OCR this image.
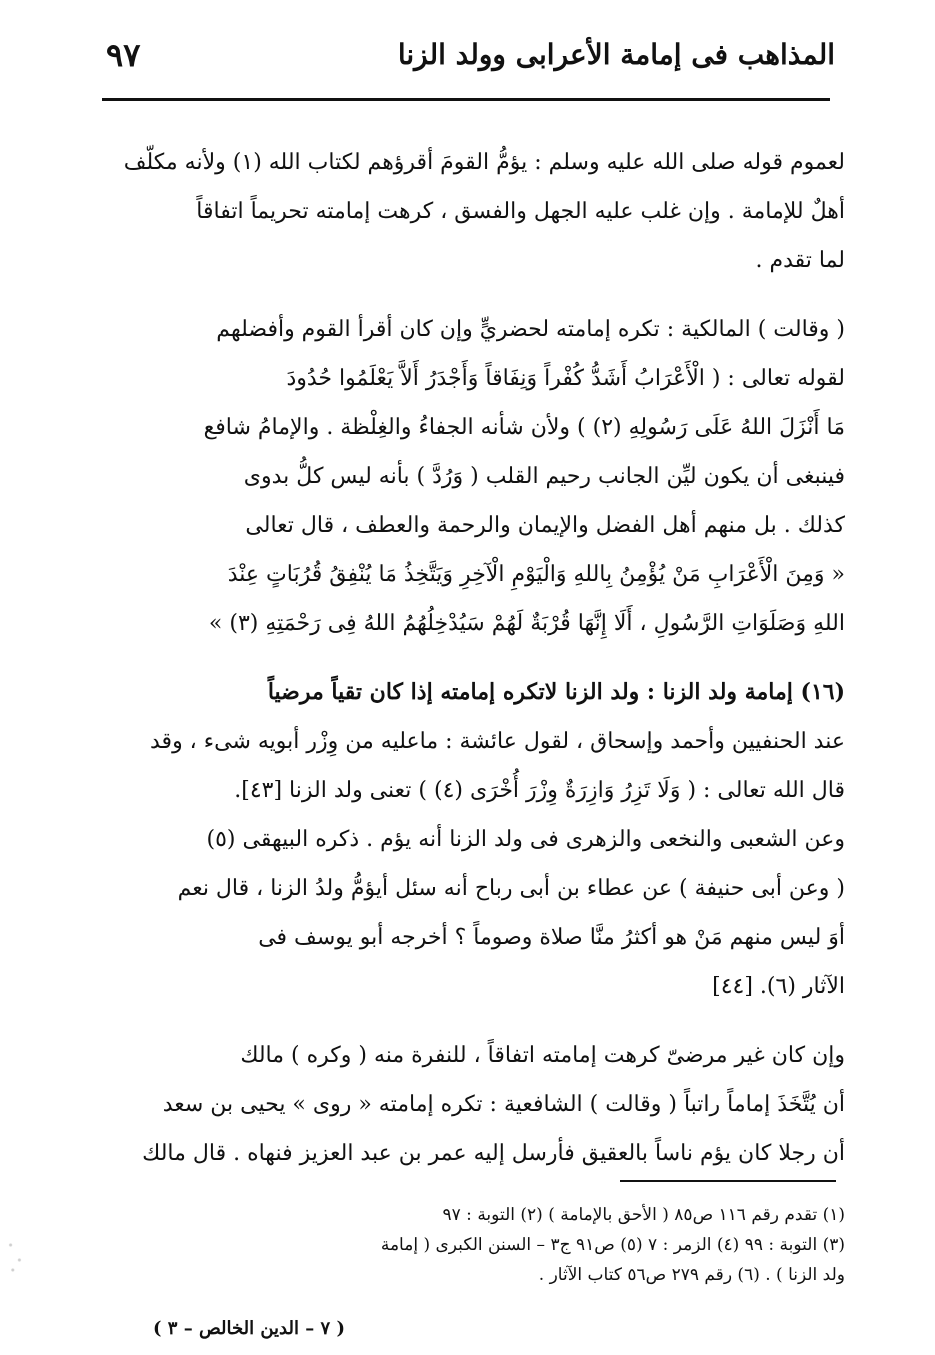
المذاهب فى إمامة الأعرابى وولد الزنا
٩٧

لعموم قوله صلى الله عليه وسلم : يؤمُّ القومَ أقرؤهم لكتاب الله (١) ولأنه مكلّف

أهلٌ للإمامة . وإن غلب عليه الجهل والفسق ، كرهت إمامته تحريماً اتفاقاً

لما تقدم .

( وقالت ) المالكية : تكره إمامته لحضريٍّ وإن كان أقرأ القوم وأفضلهم

لقوله تعالى : ( الْأَعْرَابُ أَشَدُّ كُفْراً وَنِفَاقاً وَأَجْدَرُ أَلاَّ يَعْلَمُوا حُدُودَ

مَا أَنْزَلَ اللهُ عَلَى رَسُولِهِ (٢) ) ولأن شأنه الجفاءُ والغِلْظة . والإمامُ شافع

فينبغى أن يكون ليِّن الجانب رحيم القلب ( وَرُدَّ ) بأنه ليس كلُّ بدوى

كذلك . بل منهم أهل الفضل والإيمان والرحمة والعطف ، قال تعالى

« وَمِنَ الْأَعْرَابِ مَنْ يُؤْمِنُ بِاللهِ وَالْيَوْمِ الْآخِرِ وَيَتَّخِذُ مَا يُنْفِقُ قُرُبَاتٍ عِنْدَ

اللهِ وَصَلَوَاتِ الرَّسُولِ ، أَلَا إِنَّهَا قُرْبَةٌ لَهُمْ سَيُدْخِلُهُمُ اللهُ فِى رَحْمَتِهِ (٣) »

(١٦) إمامة ولد الزنا : ولد الزنا لاتكره إمامته إذا كان تقياً مرضياً

عند الحنفيين وأحمد وإسحاق ، لقول عائشة : ماعليه من وِزْر أبويه شىء ، وقد

قال الله تعالى : ( وَلَا تَزِرُ وَازِرَةٌ وِزْرَ أُخْرَى (٤) ) تعنى ولد الزنا [٤٣].

وعن الشعبى والنخعى والزهرى فى ولد الزنا أنه يؤم . ذكره البيهقى (٥)

( وعن أبى حنيفة ) عن عطاء بن أبى رباح أنه سئل أيؤمُّ ولدُ الزنا ، قال نعم

أوَ ليس منهم مَنْ هو أكثرُ منَّا صلاة وصوماً ؟ أخرجه أبو يوسف فى

الآثار (٦). [٤٤]

وإن كان غير مرضىّ كرهت إمامته اتفاقاً ، للنفرة منه ( وكره ) مالك

أن يُتَّخَذَ إماماً راتباً ( وقالت ) الشافعية : تكره إمامته « روى » يحيى بن سعد

أن رجلا كان يؤم ناساً بالعقيق فأرسل إليه عمر بن عبد العزيز فنهاه . قال مالك

(١) تقدم رقم ١١٦ ص٨٥ ( الأحق بالإمامة ) (٢) التوبة : ٩٧

(٣) التوبة : ٩٩ (٤) الزمر : ٧ (٥) ص٩١ ج٣ – السنن الكبرى ( إمامة

ولد الزنا ) . (٦) رقم ٢٧٩ ص٥٦ كتاب الآثار .

( ٧ – الدين الخالص – ٣ )
